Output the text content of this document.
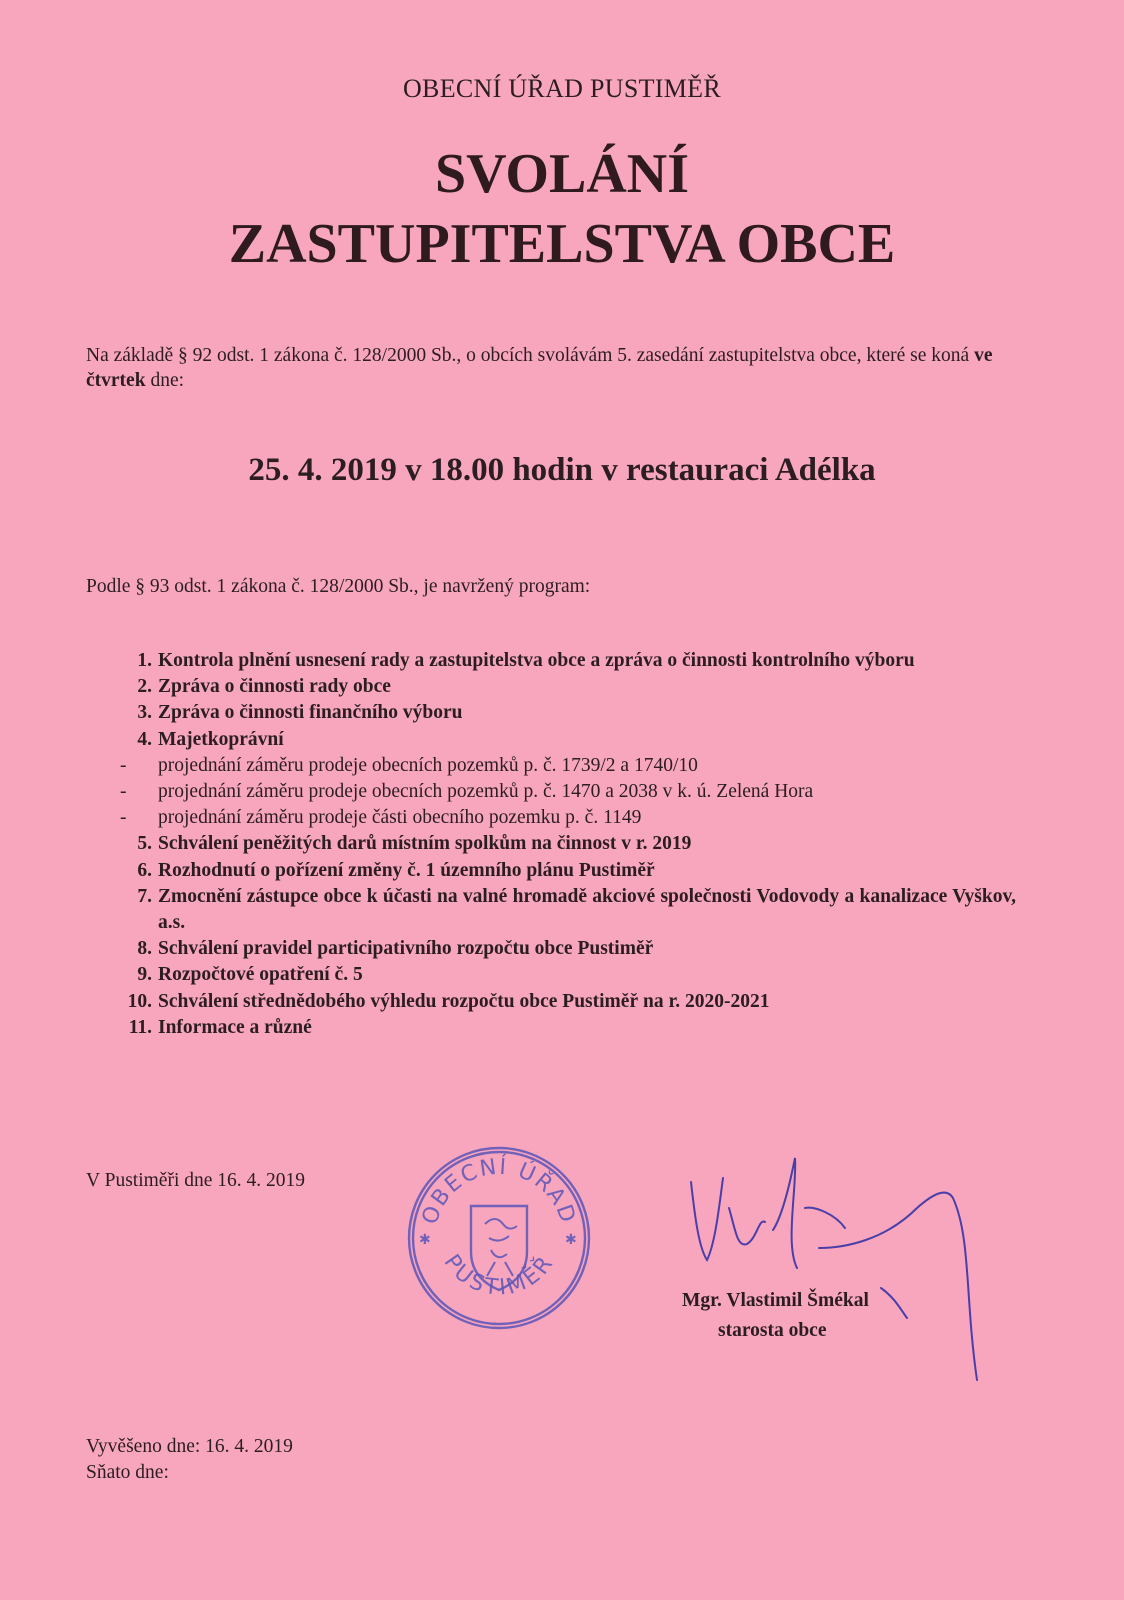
OBECNÍ ÚŘAD PUSTIMĚŘ
SVOLÁNÍ
ZASTUPITELSTVA OBCE
Na základě § 92 odst. 1 zákona č. 128/2000 Sb., o obcích svolávám 5. zasedání zastupitelstva obce, které se koná ve čtvrtek dne:
25. 4. 2019 v 18.00 hodin v restauraci Adélka
Podle § 93 odst. 1 zákona č. 128/2000 Sb., je navržený program:
1. Kontrola plnění usnesení rady a zastupitelstva obce a zpráva o činnosti kontrolního výboru
2. Zpráva o činnosti rady obce
3. Zpráva o činnosti finančního výboru
4. Majetkoprávní
-	projednání záměru prodeje obecních pozemků p. č. 1739/2 a 1740/10
-	projednání záměru prodeje obecních pozemků p. č. 1470 a 2038 v k. ú. Zelená Hora
-	projednání záměru prodeje části obecního pozemku p. č. 1149
5. Schválení peněžitých darů místním spolkům na činnost v r. 2019
6. Rozhodnutí o pořízení změny č. 1 územního plánu Pustiměř
7. Zmocnění zástupce obce k účasti na valné hromadě akciové společnosti Vodovody a kanalizace Vyškov, a.s.
8. Schválení pravidel participativního rozpočtu obce Pustiměř
9. Rozpočtové opatření č. 5
10. Schválení střednědobého výhledu rozpočtu obce Pustiměř na r. 2020-2021
11. Informace a různé
V Pustiměři dne 16. 4. 2019
OBECNÍ ÚŘAD
PUSTIMĚŘ
✱	✱
Mgr. Vlastimil Šmékal
starosta obce
Vyvěšeno dne: 16. 4. 2019
Sňato dne:
